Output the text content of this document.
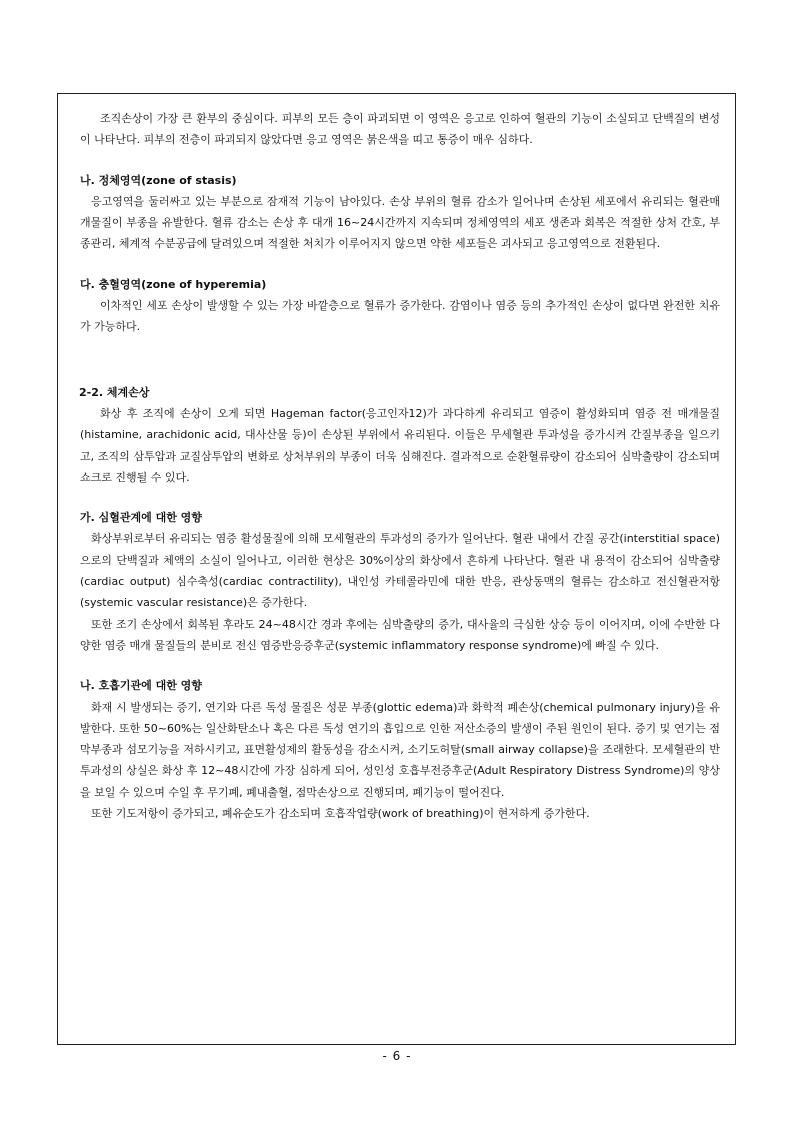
조직손상이 가장 큰 환부의 중심이다. 피부의 모든 층이 파괴되면 이 영역은 응고로 인하여 혈관의 기능이 소실되고 단백질의 변성이 나타난다. 피부의 전층이 파괴되지 않았다면 응고 영역은 붉은색을 띠고 통증이 매우 심하다.

나. 정체영역(zone of stasis)

응고영역을 둘러싸고 있는 부분으로 잠재적 기능이 남아있다. 손상 부위의 혈류 감소가 일어나며 손상된 세포에서 유리되는 혈관매개물질이 부종을 유발한다. 혈류 감소는 손상 후 대개 16~24시간까지 지속되며 정체영역의 세포 생존과 회복은 적절한 상처 간호, 부종관리, 체계적 수분공급에 달려있으며 적절한 처치가 이루어지지 않으면 약한 세포들은 괴사되고 응고영역으로 전환된다.

다. 충혈영역(zone of hyperemia)

이차적인 세포 손상이 발생할 수 있는 가장 바깥층으로 혈류가 증가한다. 감염이나 염증 등의 추가적인 손상이 없다면 완전한 치유가 가능하다.

2-2. 체계손상

화상 후 조직에 손상이 오게 되면 Hageman factor(응고인자12)가 과다하게 유리되고 염증이 활성화되며 염증 전 매개물질(histamine, arachidonic acid, 대사산물 등)이 손상된 부위에서 유리된다. 이들은 무세혈관 투과성을 증가시켜 간질부종을 일으키고, 조직의 삼투압과 교질삼투압의 변화로 상처부위의 부종이 더욱 심해진다. 결과적으로 순환혈류량이 감소되어 심박출량이 감소되며 쇼크로 진행될 수 있다.

가. 심혈관계에 대한 영향

화상부위로부터 유리되는 염증 활성물질에 의해 모세혈관의 투과성의 증가가 일어난다. 혈관 내에서 간질 공간(interstitial space)으로의 단백질과 체액의 소실이 일어나고, 이러한 현상은 30%이상의 화상에서 흔하게 나타난다. 혈관 내 용적이 감소되어 심박출량(cardiac output) 심수축성(cardiac contractility), 내인성 카테콜라민에 대한 반응, 관상동맥의 혈류는 감소하고 전신혈관저항(systemic vascular resistance)은 증가한다.

또한 조기 손상에서 회복된 후라도 24~48시간 경과 후에는 심박출량의 증가, 대사율의 극심한 상승 등이 이어지며, 이에 수반한 다양한 염증 매개 물질들의 분비로 전신 염증반응증후군(systemic inflammatory response syndrome)에 빠질 수 있다.

나. 호흡기관에 대한 영향

화재 시 발생되는 증기, 연기와 다른 독성 물질은 성문 부종(glottic edema)과 화학적 폐손상(chemical pulmonary injury)을 유발한다. 또한 50~60%는 일산화탄소나 혹은 다른 독성 연기의 흡입으로 인한 저산소증의 발생이 주된 원인이 된다. 증기 및 연기는 점막부종과 섬모기능을 저하시키고, 표면활성제의 활동성을 감소시켜, 소기도허탈(small airway collapse)을 조래한다. 모세혈관의 반투과성의 상실은 화상 후 12~48시간에 가장 심하게 되어, 성인성 호흡부전증후군(Adult Respiratory Distress Syndrome)의 양상을 보일 수 있으며 수일 후 무기폐, 폐내출혈, 점막손상으로 진행되며, 폐기능이 떨어진다.

또한 기도저항이 증가되고, 폐유순도가 감소되며 호흡작업량(work of breathing)이 현저하게 증가한다.

- 6 -
